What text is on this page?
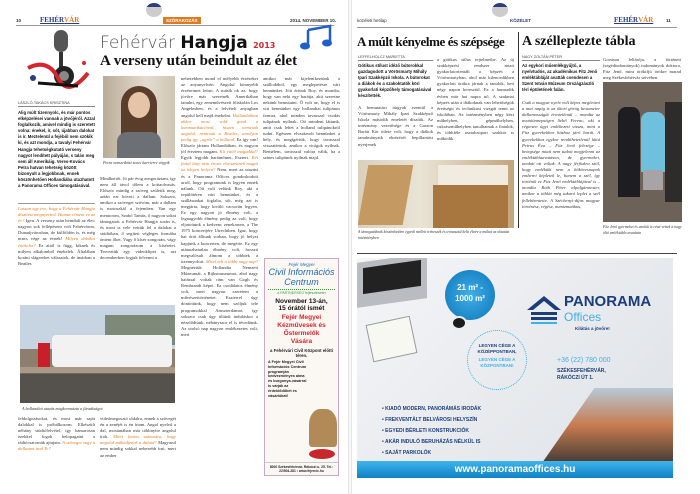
10	FEHÉRVÁR	SZÓRAKOZÁS	2014. NOVEMBER 10.
LÁSZLÓ-TAKÁCS KRISZTINA
Alig múlt tizennyolc, és már pontos elképzelései vannak a jövőjéről. Azzal foglalkozik, amivel mindig is szeretett volna: énekel, ír, sőt, újabban dalokat is ír. Meztelenül a fejéből nem szökik ki, és azt mondja, a tavalyi Fehérvár Hangja tehetségkutató verseny nagyot lendített pályáján, s talán meg sem áll Amerikáig. Veres-Kovács Petra hatvan tehetség között bizonyult a legjobbnak, ennek köszönhetően Hollandiába utazhatott a Panorama Offices támogatásával.
Lassan egy éve, hogy a Fehérvár Hangja díszítést megnyerted. Hamar elment ez az év? Igen. A verseny után beindult az élet: nagyon sok fellépésem volt Fehérváron, Dunaújvárosban, de külföldön is, és még nincs vége az évnek! Milyen dalokat énekelsz? Ez attól is függ, kiknek és milyen alkalomból énekelek. Általában koráni slágereket választok, de imádom a Beatles
Fehérvár Hangja 2013
A verseny után beindult az élet
Petra nemzetközi zenei karrierre vágyik
Mindkettőt. Jó pár évig zongoráztam, így nem áll távol tőlem a kottaolvasás. Először mindig a szöveg születik meg, aztán ezt követi a dallam. Sokszor, amikor a szöveget szövöm, már a dallam is motoszkál a fejemben. Van egy mentorom, Szabó Tamás, ő nagyon sokat támogatott a Fehérvár Hangja során is, és most is vele vettük fel a dalokat a stúdióban, ő segített végleges formába önteni őket. Vagy ő kísér zongorán, vagy magam zongorázom a kíséretet. Terveztük egy videoklipet is, azt decemberben fogjuk felvenni a
A hollandiai utazás megkoronázta a fáradtságot
feldolgozásokat, és most már saját dalokkal is próbálkozom. Elkészült néhány stúdiófelvétel, így hamarosan ezekkel fogok belopagatni a rádiócsatornák ajtajain. A szöveget vagy a dallamot írod Te?
videómegosztó oldalra, ennek a szövegét én a zenéjét is én írtam. Angol nyelvű a dal, mostanában már többnyire angolul írok. Miért fontos számodra, hogy angolul működjenek a dalaid? Magyarul nem mindig sokkal nehezebb írni, mert az ember
nehezebben mond el mélyebb érzéseket az anyanyelvén. Angolul könnyebb érzéseimet leírni. A másik ok az, hogy jövőre már szeretnék Amerikában tanulni, egy zeneművészeti főiskolán Los Angelesben, és a felvételi anyagban angolul kell majd énekelni. Hollandiában akkor most vold gond a kommunikációval, hiszen nemcsak angolul, nemcsak a Beatles, amolyan pedig igy „agrár” a holland. Ez így van! Először jártam Hollandiában, és nagyon jól éreztem magam. Kit vittél magaddal? Egyik legjobb barátnőmet, Esztert. Két fiatal lány nem érezte elveszettnek magát az idegen helyen? Nem, mert az utazást és a Panorama Offices gondoskodott arról, hogy programunk is legyen ennek nálunk. Ott volt velünk Roy, aki a repülőtéren várt bennünket, és a szállásunkat foglalta, sőt, még azt is megjárta, hogy kiváló vacsorán legyen. Ez egy nagyon jó élmény volt, a legnagyobb élmény pedig az volt, hogy eljutottunk a kedvenc zenekarom, a The 1975 koncertjére Utrechtben. Igaz, hogy hat órát álltunk sorban, hogy jó helyet kapjunk a koncerten, de megérte. Ez egy utánozhatatlan élmény volt, hosszú megvalósult álmom a többiek a tizennyolcat. Mivel telt a többi nagy nap? Megnéztük Hollandia Nemzeti Múzeumát, a Rijksmuseumot, ahol nagy hatással voltak rám van Gogh és Rembrandt képei. Ez csodálatos élmény volt, mert nagyon szeretem a művészettörténetet. Eszterrel úgy döntöttünk, hogy nem szóljuk tele programokkal Amszterdamot, így sokszor csak úgy ültünk induláskor a nézelődtünk, néhányszor el is tévedtünk. Az utolsó nap nagyon emlékezetes volt, mert
amikor már kijelentkeztünk a szállodából, egy meglepetésre várt bennünket. Jött értünk Roy, és mondta, hogy van neki egy barátja, akit szeretne nekünk bemutatni. Ő volt az, hogy el is vitt bennünket egy hollandiai tulipános farmra, ahol minden tavasszal csodás tulipánok nyílnak. Ott mindent láttunk, amit csak lehet a holland tulipánokról tudni. Egészen elvarázsolt bennünket a hely, és megígértük, hogy tavasszal visszatérünk, amikor a virágok nyílnak. Remélem, tavasszal valóra válik, ha a színes tulipánok nyílnak majd.
Fejér Megyei
Civil Információs
Centrum
a PARTNERSÉG fejlesztéséért
November 13-án,
15 órától ismét
Fejér Megyei
Kézművesek és
Őstermelők
Vására
a Fehérvári Civil Központ előtti téren.
A Fejér Megyei Civil Információs Centrum programján kedvezményes alma és burgonya-vásárral is várják az érdeklődőket és vásárlókat!
8000 Székesfehérvár, Rákóczi u. 25. Tel.: 22/504-281 • www.fejercic.hu
közéleti hetilap	KÖZÉLET	FEHÉRVÁR	11
A múlt kényelme és szépsége
LEFFELHOLCZ MARIETTA
Gótikus stílust idéző bútorokkal gazdagodott a Vörösmarty Mihály Ipari Szakképző Iskola. A bútorokat a diákok és a szakoktatók köri gyakorlati képzőhely támogatásával készítették.
A bemutatási tárgyak ezentúl a Vörösmarty Mihály Ipari Szakképző Iskola második emeletét díszítik. Az intézmény vezetősége és a Garzon Baráti Kör ötlete volt, hogy a diákok tanulmányaik elnézését bepillantást nyerjenek
a gótikus stílus rejtelmeibe. Az új szakképzési rendszer miatt gyakorlatorientált a képzés a Vörösmartyban, ahol már kilencedikben gyakorlati órákra járnak a tanulók, heti négy napon keresztül. Ez a harmadik évben már hat napra nő. A szakmai képzés után a diákoknak van lehetőségük érettségit és technikusi vizsgát tenni az iskolában. Az intézményben négy kézi műhelyben, gépműhelyben, cukrászműhelyben tanulhatnak a fiatalok, és többféle asztalosipari szakkör is működik.
A támogatóknak köszönhetően egyedi mellett tréneszék és trónasztal kelti életre a múltat az oktatási intézményben
A szélleplezte tábla
NAGY ZOLTÁN PÉTER
Az egykori műemlékgyűjtő, a nyelvtudós, az akadémikus Fitz Jenő emléktábláját avatták csendesen a Szent István Múzeum Országzászló téri épületének falán.
Csak a magyar nyelv volt képes megőrizni a mai napig is az ókori görög hexameter dallamosságát érintetlenül – mondta az avatóünnepségen Sebő Ferenc, aki a régiesen ügyi emlékezett vissza, mint a Fitz gyerekekhez házhoz járó barát. A gyerekekhez egykor rendíthetetlenül láttá Petrus Éva – Fitz Jenő felesége – betegsége miatt nem tudott megjelenni az emléktáblaavatáson, de gyermekei, unokái ott voltak. A nagy férfiakra szól, hogy emlékükt nem a kőkövesnapok emberei képletek le, hanem a szél, így történik ez Fitz Jenő emléktáblájával is – mondta Róth Péter alpolgármester, amikor a táblát még takaró leplet a szél fellebbentette. A Széchenyi-díjas magyar történész, régész, numizmatikus,
Gorsium feltárója, a történeti (segédtudományok) tudományok doktora, Fitz Jenő, mint örökifjú örökre marad meg Székesfehérvár szívében.
Fitz Jenő gyermekei és unokái is részt vettek a nagy öltő emléktábla avatásán
21 m² -
1000 m²
LEGYEN CÉGE A KÖZÉPPONTBAN,
LEGYEN CÉGE A KÖZPONTBAN!
PANORAMA
Offices
Kilátás a jövőre!
+36 (22) 780 000
SZÉKESFEHÉRVÁR,
RÁKÓCZI ÚT 1.
• KIADÓ MODERN, PANORÁMÁS IRODÁK
• FREKVENTÁLT BELVÁROSI HELYSZÍN
• EGYEDI BÉRLETI KONSTRUKCIÓK
• AKÁR INDULÓ BERUHÁZÁS NÉLKÜL IS
• SAJÁT PARKOLÓK
www.panoramaoffices.hu
